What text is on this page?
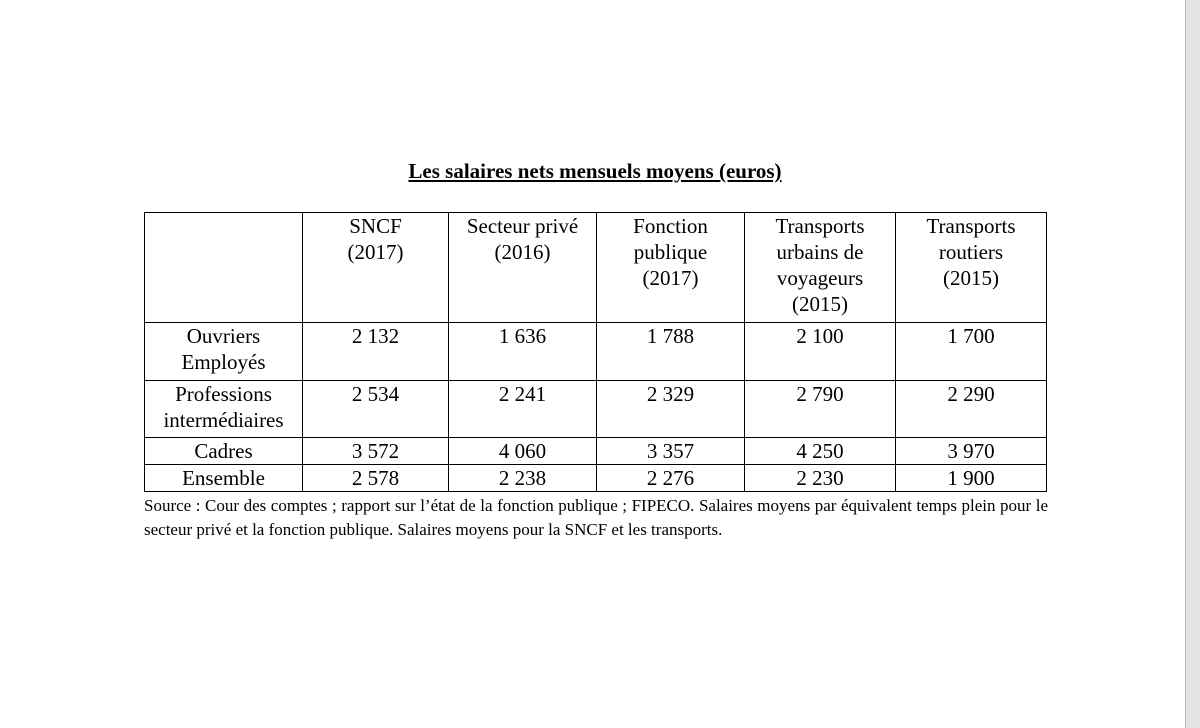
Les salaires nets mensuels moyens (euros)
	SNCF (2017)	Secteur privé (2016)	Fonction publique (2017)	Transports urbains de voyageurs (2015)	Transports routiers (2015)
Ouvriers Employés	2 132	1 636	1 788	2 100	1 700
Professions intermédiaires	2 534	2 241	2 329	2 790	2 290
Cadres	3 572	4 060	3 357	4 250	3 970
Ensemble	2 578	2 238	2 276	2 230	1 900
Source : Cour des comptes ; rapport sur l’état de la fonction publique ; FIPECO. Salaires moyens par équivalent temps plein pour le secteur privé et la fonction publique. Salaires moyens pour la SNCF et les transports.
